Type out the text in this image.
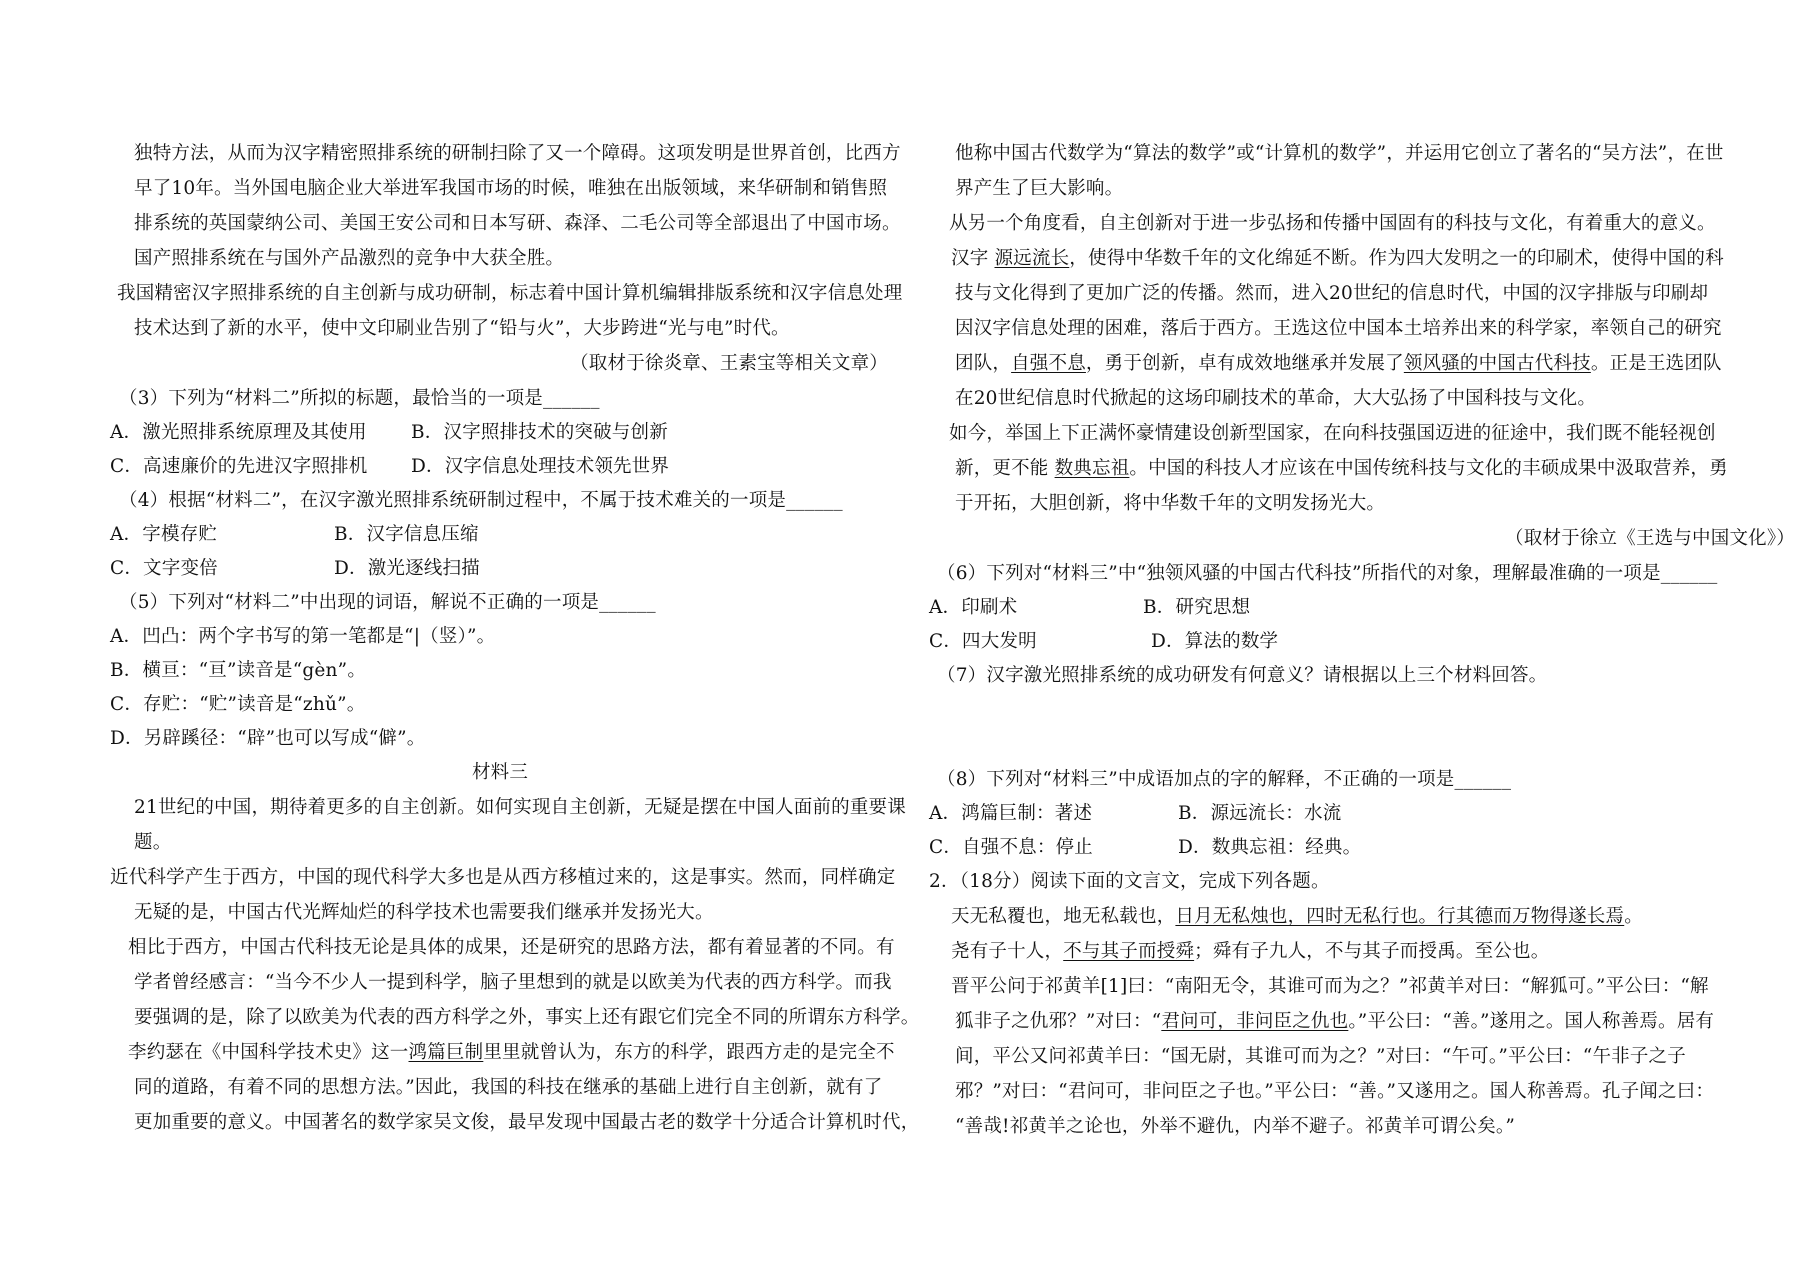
独特方法，从而为汉字精密照排系统的研制扫除了又一个障碍。这项发明是世界首创，比西方
早了10年。当外国电脑企业大举进军我国市场的时候，唯独在出版领域，来华研制和销售照
排系统的英国蒙纳公司、美国王安公司和日本写研、森泽、二毛公司等全部退出了中国市场。
国产照排系统在与国外产品激烈的竞争中大获全胜。
我国精密汉字照排系统的自主创新与成功研制，标志着中国计算机编辑排版系统和汉字信息处理
技术达到了新的水平，使中文印刷业告别了“铅与火”，大步跨进“光与电”时代。
（取材于徐炎章、王素宝等相关文章）
（3）下列为“材料二”所拟的标题，最恰当的一项是______
A．激光照排系统原理及其使用 B．汉字照排技术的突破与创新
C．高速廉价的先进汉字照排机 D．汉字信息处理技术领先世界
（4）根据“材料二”，在汉字激光照排系统研制过程中，不属于技术难关的一项是______
A．字模存贮	B．汉字信息压缩
C．文字变倍	D．激光逐线扫描
（5）下列对“材料二”中出现的词语，解说不正确的一项是______
A．凹凸：两个字书写的第一笔都是“|（竖）”。
B．横亘：“亘”读音是“gèn”。
C．存贮：“贮”读音是“zhǔ”。
D．另辟蹊径：“辟”也可以写成“僻”。
材料三
21世纪的中国，期待着更多的自主创新。如何实现自主创新，无疑是摆在中国人面前的重要课
题。
近代科学产生于西方，中国的现代科学大多也是从西方移植过来的，这是事实。然而，同样确定
无疑的是，中国古代光辉灿烂的科学技术也需要我们继承并发扬光大。
相比于西方，中国古代科技无论是具体的成果，还是研究的思路方法，都有着显著的不同。有
学者曾经感言：“当今不少人一提到科学，脑子里想到的就是以欧美为代表的西方科学。而我
要强调的是，除了以欧美为代表的西方科学之外，事实上还有跟它们完全不同的所谓东方科学。
李约瑟在《中国科学技术史》这一鸿篇巨制里里就曾认为，东方的科学，跟西方走的是完全不
同的道路，有着不同的思想方法。”因此，我国的科技在继承的基础上进行自主创新，就有了
更加重要的意义。中国著名的数学家吴文俊，最早发现中国最古老的数学十分适合计算机时代，
他称中国古代数学为“算法的数学”或“计算机的数学”，并运用它创立了著名的“吴方法”，在世
界产生了巨大影响。
从另一个角度看，自主创新对于进一步弘扬和传播中国固有的科技与文化，有着重大的意义。
汉字 源远流长，使得中华数千年的文化绵延不断。作为四大发明之一的印刷术，使得中国的科
技与文化得到了更加广泛的传播。然而，进入20世纪的信息时代，中国的汉字排版与印刷却
因汉字信息处理的困难，落后于西方。王选这位中国本土培养出来的科学家，率领自己的研究
团队，自强不息，勇于创新，卓有成效地继承并发展了领风骚的中国古代科技。正是王选团队
在20世纪信息时代掀起的这场印刷技术的革命，大大弘扬了中国科技与文化。
如今，举国上下正满怀豪情建设创新型国家，在向科技强国迈进的征途中，我们既不能轻视创
新，更不能 数典忘祖。中国的科技人才应该在中国传统科技与文化的丰硕成果中汲取营养，勇
于开拓，大胆创新，将中华数千年的文明发扬光大。
（取材于徐立《王选与中国文化》）
（6）下列对“材料三”中“独领风骚的中国古代科技”所指代的对象，理解最准确的一项是______
A．印刷术	B．研究思想
C．四大发明	D．算法的数学
（7）汉字激光照排系统的成功研发有何意义？请根据以上三个材料回答。
（8）下列对“材料三”中成语加点的字的解释，不正确的一项是______
A．鸿篇巨制：著述	B．源远流长：水流
C．自强不息：停止	D．数典忘祖：经典。
2．（18分）阅读下面的文言文，完成下列各题。
天无私覆也，地无私载也，日月无私烛也，四时无私行也。行其德而万物得遂长焉。
尧有子十人，不与其子而授舜；舜有子九人，不与其子而授禹。至公也。
晋平公问于祁黄羊[1]曰：“南阳无令，其谁可而为之？”祁黄羊对曰：“解狐可。”平公曰：“解
狐非子之仇邪？”对曰：“君问可，非问臣之仇也。”平公曰：“善。”遂用之。国人称善焉。居有
间，平公又问祁黄羊曰：“国无尉，其谁可而为之？”对曰：“午可。”平公曰：“午非子之子
邪？”对曰：“君问可，非问臣之子也。”平公曰：“善。”又遂用之。国人称善焉。孔子闻之曰：
“善哉!祁黄羊之论也，外举不避仇，内举不避子。祁黄羊可谓公矣。”
